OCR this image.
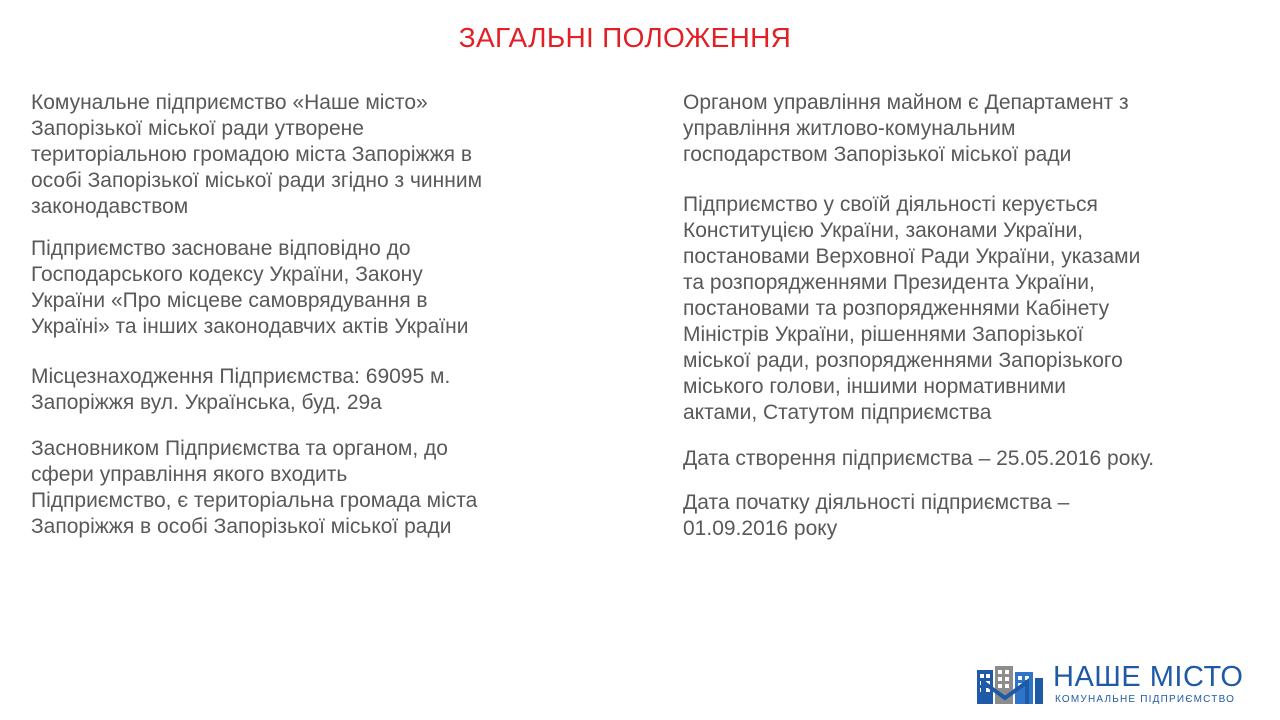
ЗАГАЛЬНІ ПОЛОЖЕННЯ

Комунальне підприємство «Наше місто»
Запорізької міської ради утворене
територіальною громадою міста Запоріжжя в
особі Запорізької міської ради згідно з чинним
законодавством

Підприємство засноване відповідно до
Господарського кодексу України, Закону
України «Про місцеве самоврядування в
Україні» та інших законодавчих актів України

Місцезнаходження Підприємства: 69095 м.
Запоріжжя вул. Українська, буд. 29а

Засновником Підприємства та органом, до
сфери управління якого входить
Підприємство, є територіальна громада міста
Запоріжжя в особі Запорізької міської ради

Органом управління майном є Департамент з
управління житлово-комунальним
господарством Запорізької міської ради

Підприємство у своїй діяльності керується
Конституцією України, законами України,
постановами Верховної Ради України, указами
та розпорядженнями Президента України,
постановами та розпорядженнями Кабінету
Міністрів України, рішеннями Запорізької
міської ради, розпорядженнями Запорізького
міського голови, іншими нормативними
актами, Статутом підприємства

Дата створення підприємства – 25.05.2016 року.

Дата початку діяльності підприємства –
01.09.2016 року

НАШЕ МІСТО
КОМУНАЛЬНЕ ПІДПРИЄМСТВО
